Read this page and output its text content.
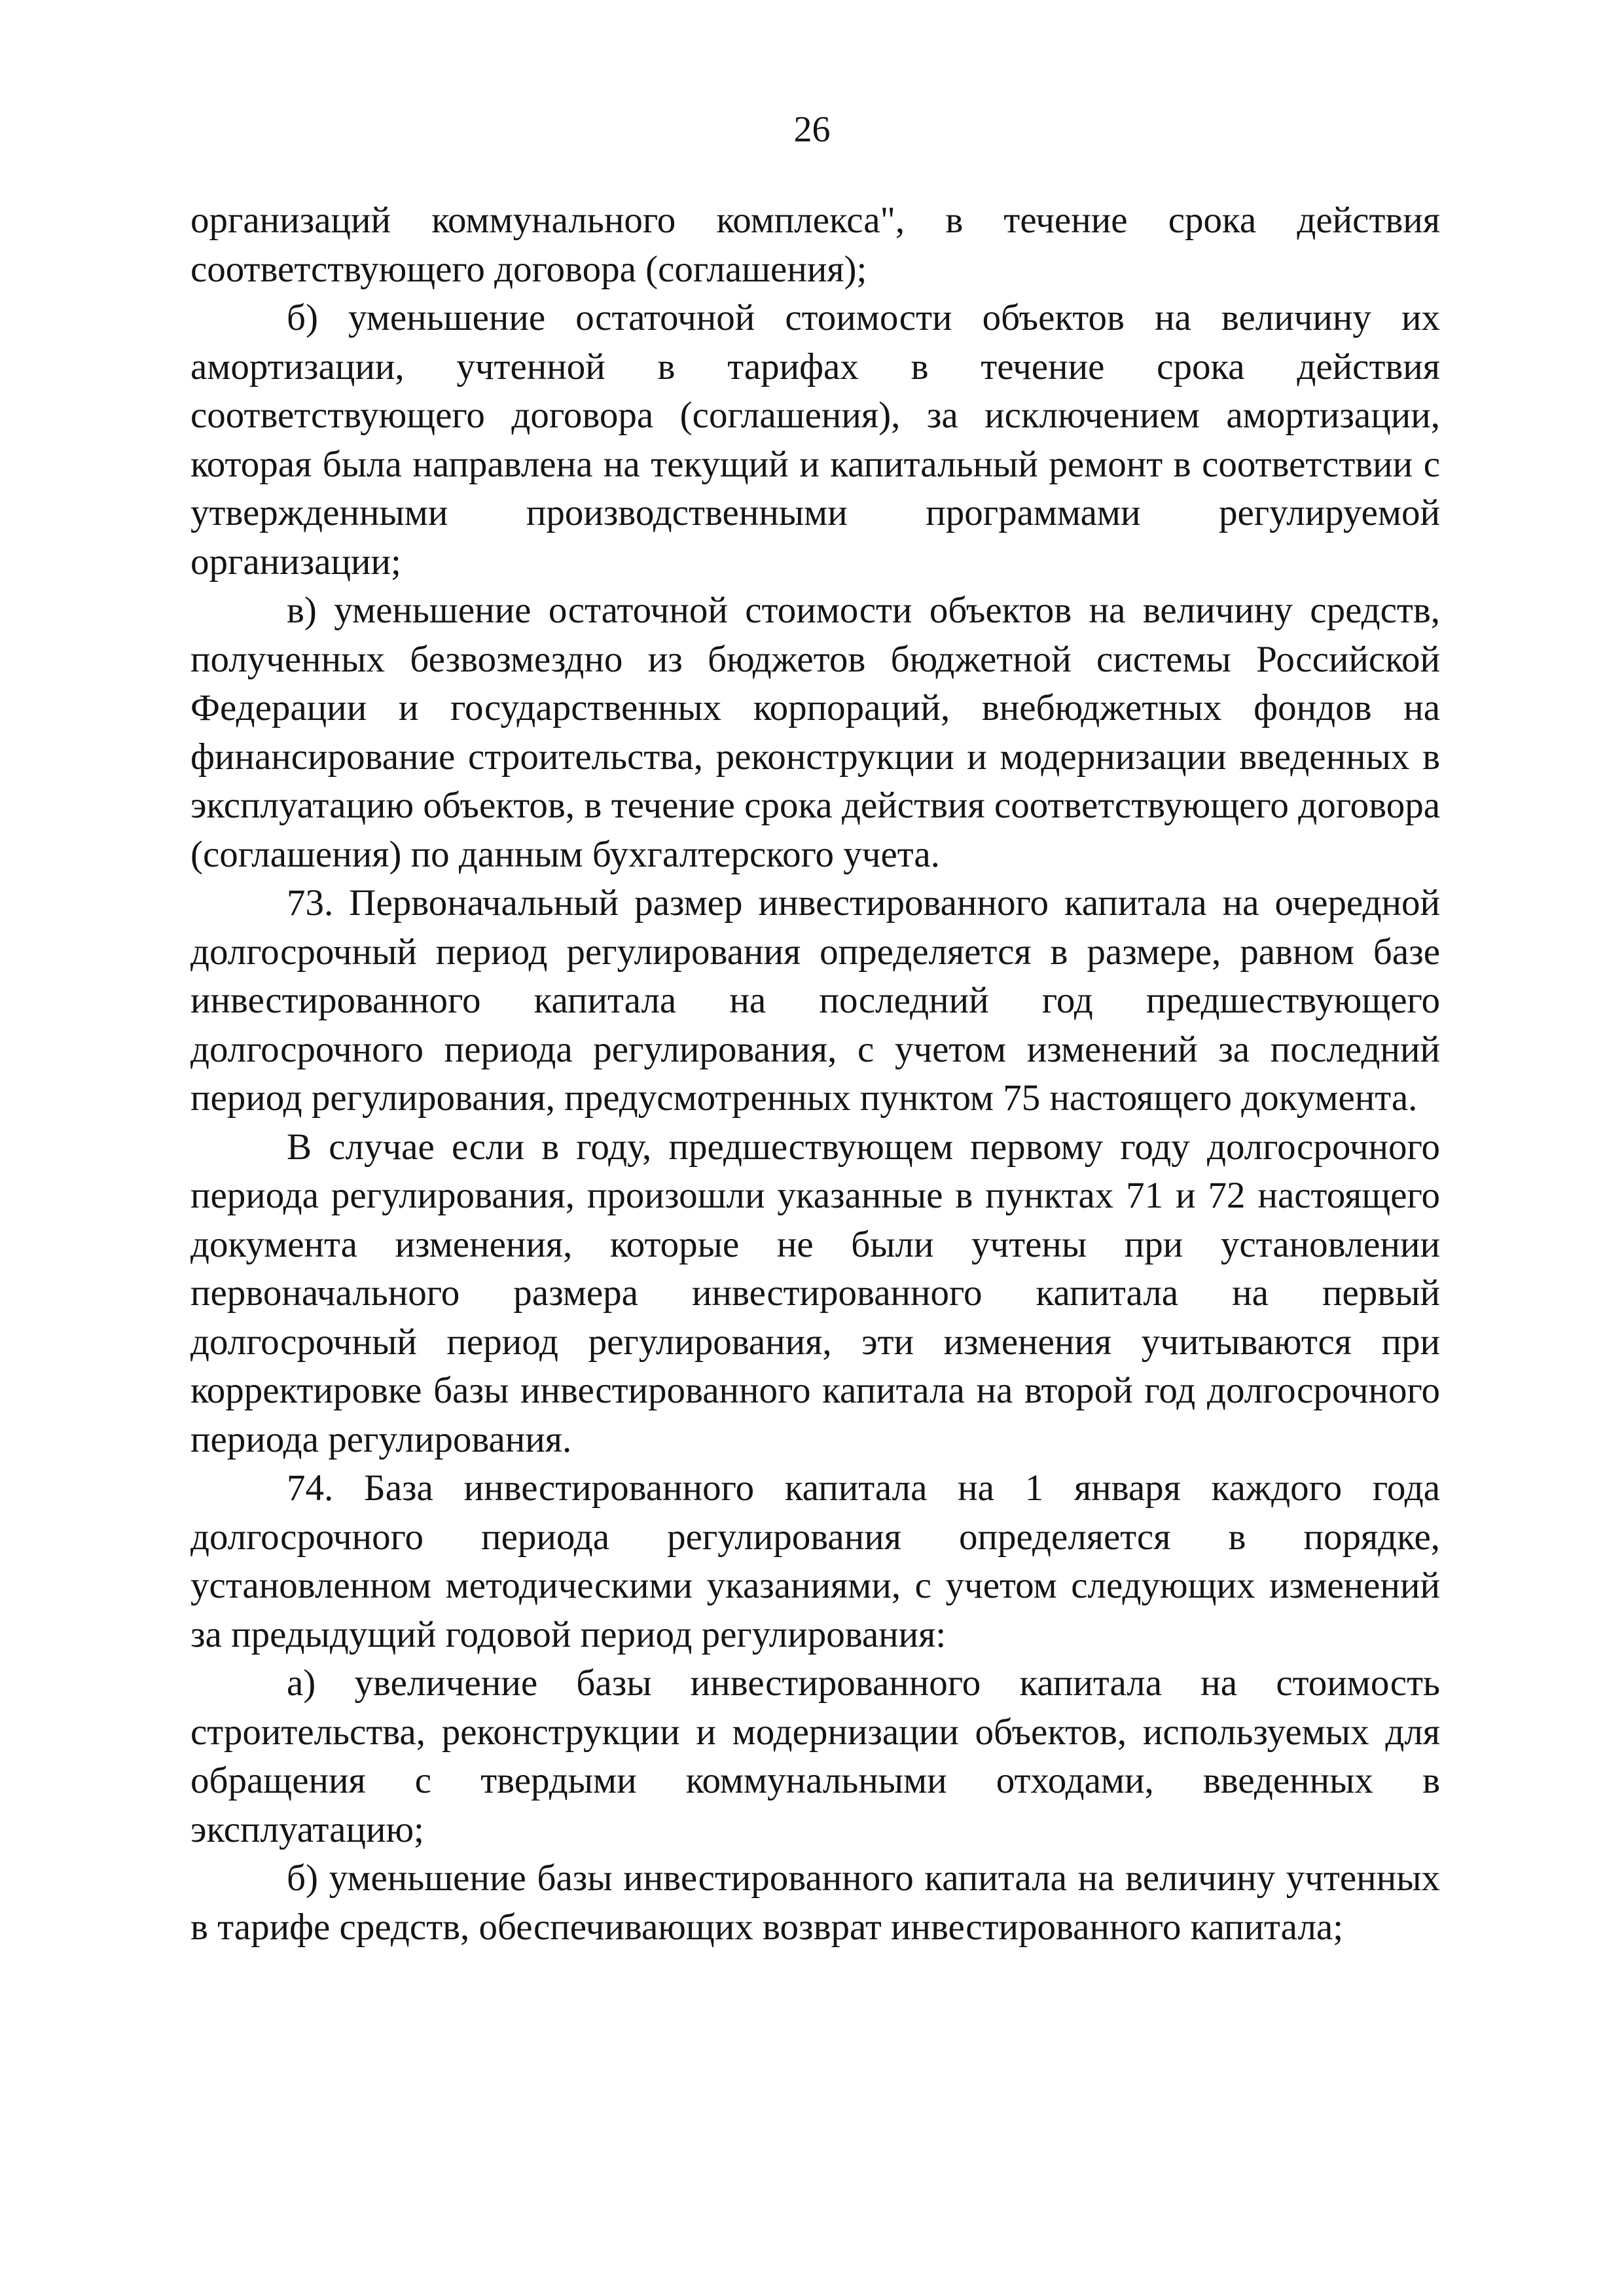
26

организаций коммунального комплекса", в течение срока действия соответствующего договора (соглашения);

б) уменьшение остаточной стоимости объектов на величину их амортизации, учтенной в тарифах в течение срока действия соответствующего договора (соглашения), за исключением амортизации, которая была направлена на текущий и капитальный ремонт в соответствии с утвержденными производственными программами регулируемой организации;

в) уменьшение остаточной стоимости объектов на величину средств, полученных безвозмездно из бюджетов бюджетной системы Российской Федерации и государственных корпораций, внебюджетных фондов на финансирование строительства, реконструкции и модернизации введенных в эксплуатацию объектов, в течение срока действия соответствующего договора (соглашения) по данным бухгалтерского учета.

73. Первоначальный размер инвестированного капитала на очередной долгосрочный период регулирования определяется в размере, равном базе инвестированного капитала на последний год предшествующего долгосрочного периода регулирования, с учетом изменений за последний период регулирования, предусмотренных пунктом 75 настоящего документа.

В случае если в году, предшествующем первому году долгосрочного периода регулирования, произошли указанные в пунктах 71 и 72 настоящего документа изменения, которые не были учтены при установлении первоначального размера инвестированного капитала на первый долгосрочный период регулирования, эти изменения учитываются при корректировке базы инвестированного капитала на второй год долгосрочного периода регулирования.

74. База инвестированного капитала на 1 января каждого года долгосрочного периода регулирования определяется в порядке, установленном методическими указаниями, с учетом следующих изменений за предыдущий годовой период регулирования:

а) увеличение базы инвестированного капитала на стоимость строительства, реконструкции и модернизации объектов, используемых для обращения с твердыми коммунальными отходами, введенных в эксплуатацию;

б) уменьшение базы инвестированного капитала на величину учтенных в тарифе средств, обеспечивающих возврат инвестированного капитала;
